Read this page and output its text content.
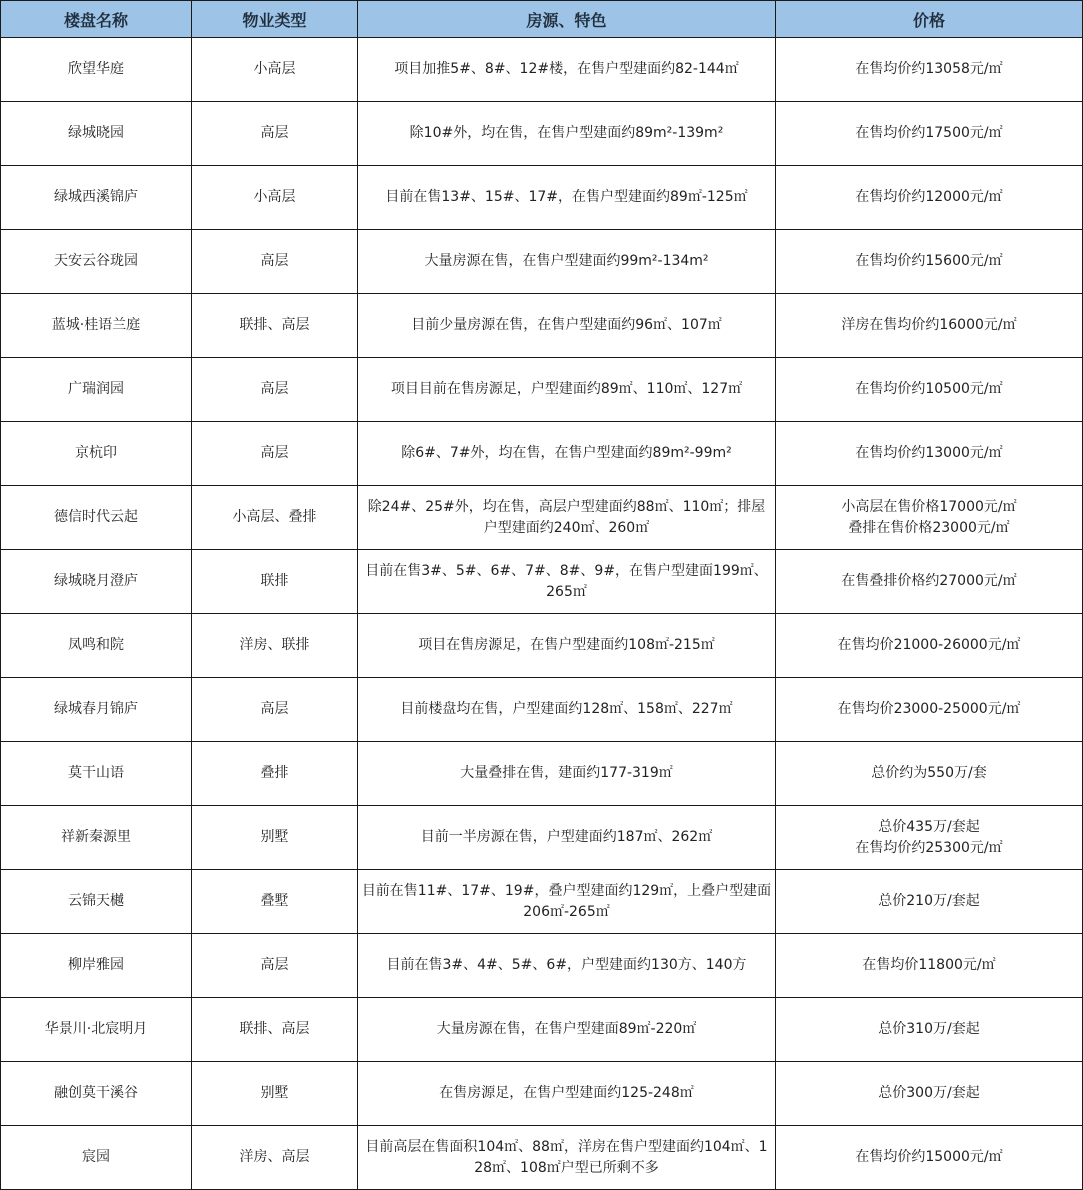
楼盘名称	物业类型	房源、特色	价格
欣望华庭	小高层	项目加推5#、8#、12#楼，在售户型建面约82-144㎡	在售均价约13058元/㎡

绿城晓园	高层	除10#外，均在售，在售户型建面约89m²-139m²	在售均价约17500元/㎡

绿城西溪锦庐	小高层	目前在售13#、15#、17#，在售户型建面约89㎡-125㎡	在售均价约12000元/㎡

天安云谷珑园	高层	大量房源在售，在售户型建面约99m²-134m²	在售均价约15600元/㎡

蓝城·桂语兰庭	联排、高层	目前少量房源在售，在售户型建面约96㎡、107㎡	洋房在售均价约16000元/㎡

广瑞润园	高层	项目目前在售房源足，户型建面约89㎡、110㎡、127㎡	在售均价约10500元/㎡

京杭印	高层	除6#、7#外，均在售，在售户型建面约89m²-99m²	在售均价约13000元/㎡

德信时代云起	小高层、叠排	除24#、25#外，均在售，高层户型建面约88㎡、110㎡；排屋户型建面约240㎡、260㎡	小高层在售价格17000元/㎡
叠排在售价格23000元/㎡

绿城晓月澄庐	联排	目前在售3#、5#、6#、7#、8#、9#，在售户型建面199㎡、265㎡	在售叠排价格约27000元/㎡

凤鸣和院	洋房、联排	项目在售房源足，在售户型建面约108㎡-215㎡	在售均价21000-26000元/㎡

绿城春月锦庐	高层	目前楼盘均在售，户型建面约128㎡、158㎡、227㎡	在售均价23000-25000元/㎡

莫干山语	叠排	大量叠排在售，建面约177-319㎡	总价约为550万/套

祥新秦源里	别墅	目前一半房源在售，户型建面约187㎡、262㎡	总价435万/套起
在售均价约25300元/㎡

云锦天樾	叠墅	目前在售11#、17#、19#，叠户型建面约129㎡，上叠户型建面206㎡-265㎡	总价210万/套起

柳岸雅园	高层	目前在售3#、4#、5#、6#，户型建面约130方、140方	在售均价11800元/㎡

华景川·北宸明月	联排、高层	大量房源在售，在售户型建面89㎡-220㎡	总价310万/套起

融创莫干溪谷	别墅	在售房源足，在售户型建面约125-248㎡	总价300万/套起

宸园	洋房、高层	目前高层在售面积104㎡、88㎡，洋房在售户型建面约104㎡、128㎡、108㎡户型已所剩不多	在售均价约15000元/㎡
